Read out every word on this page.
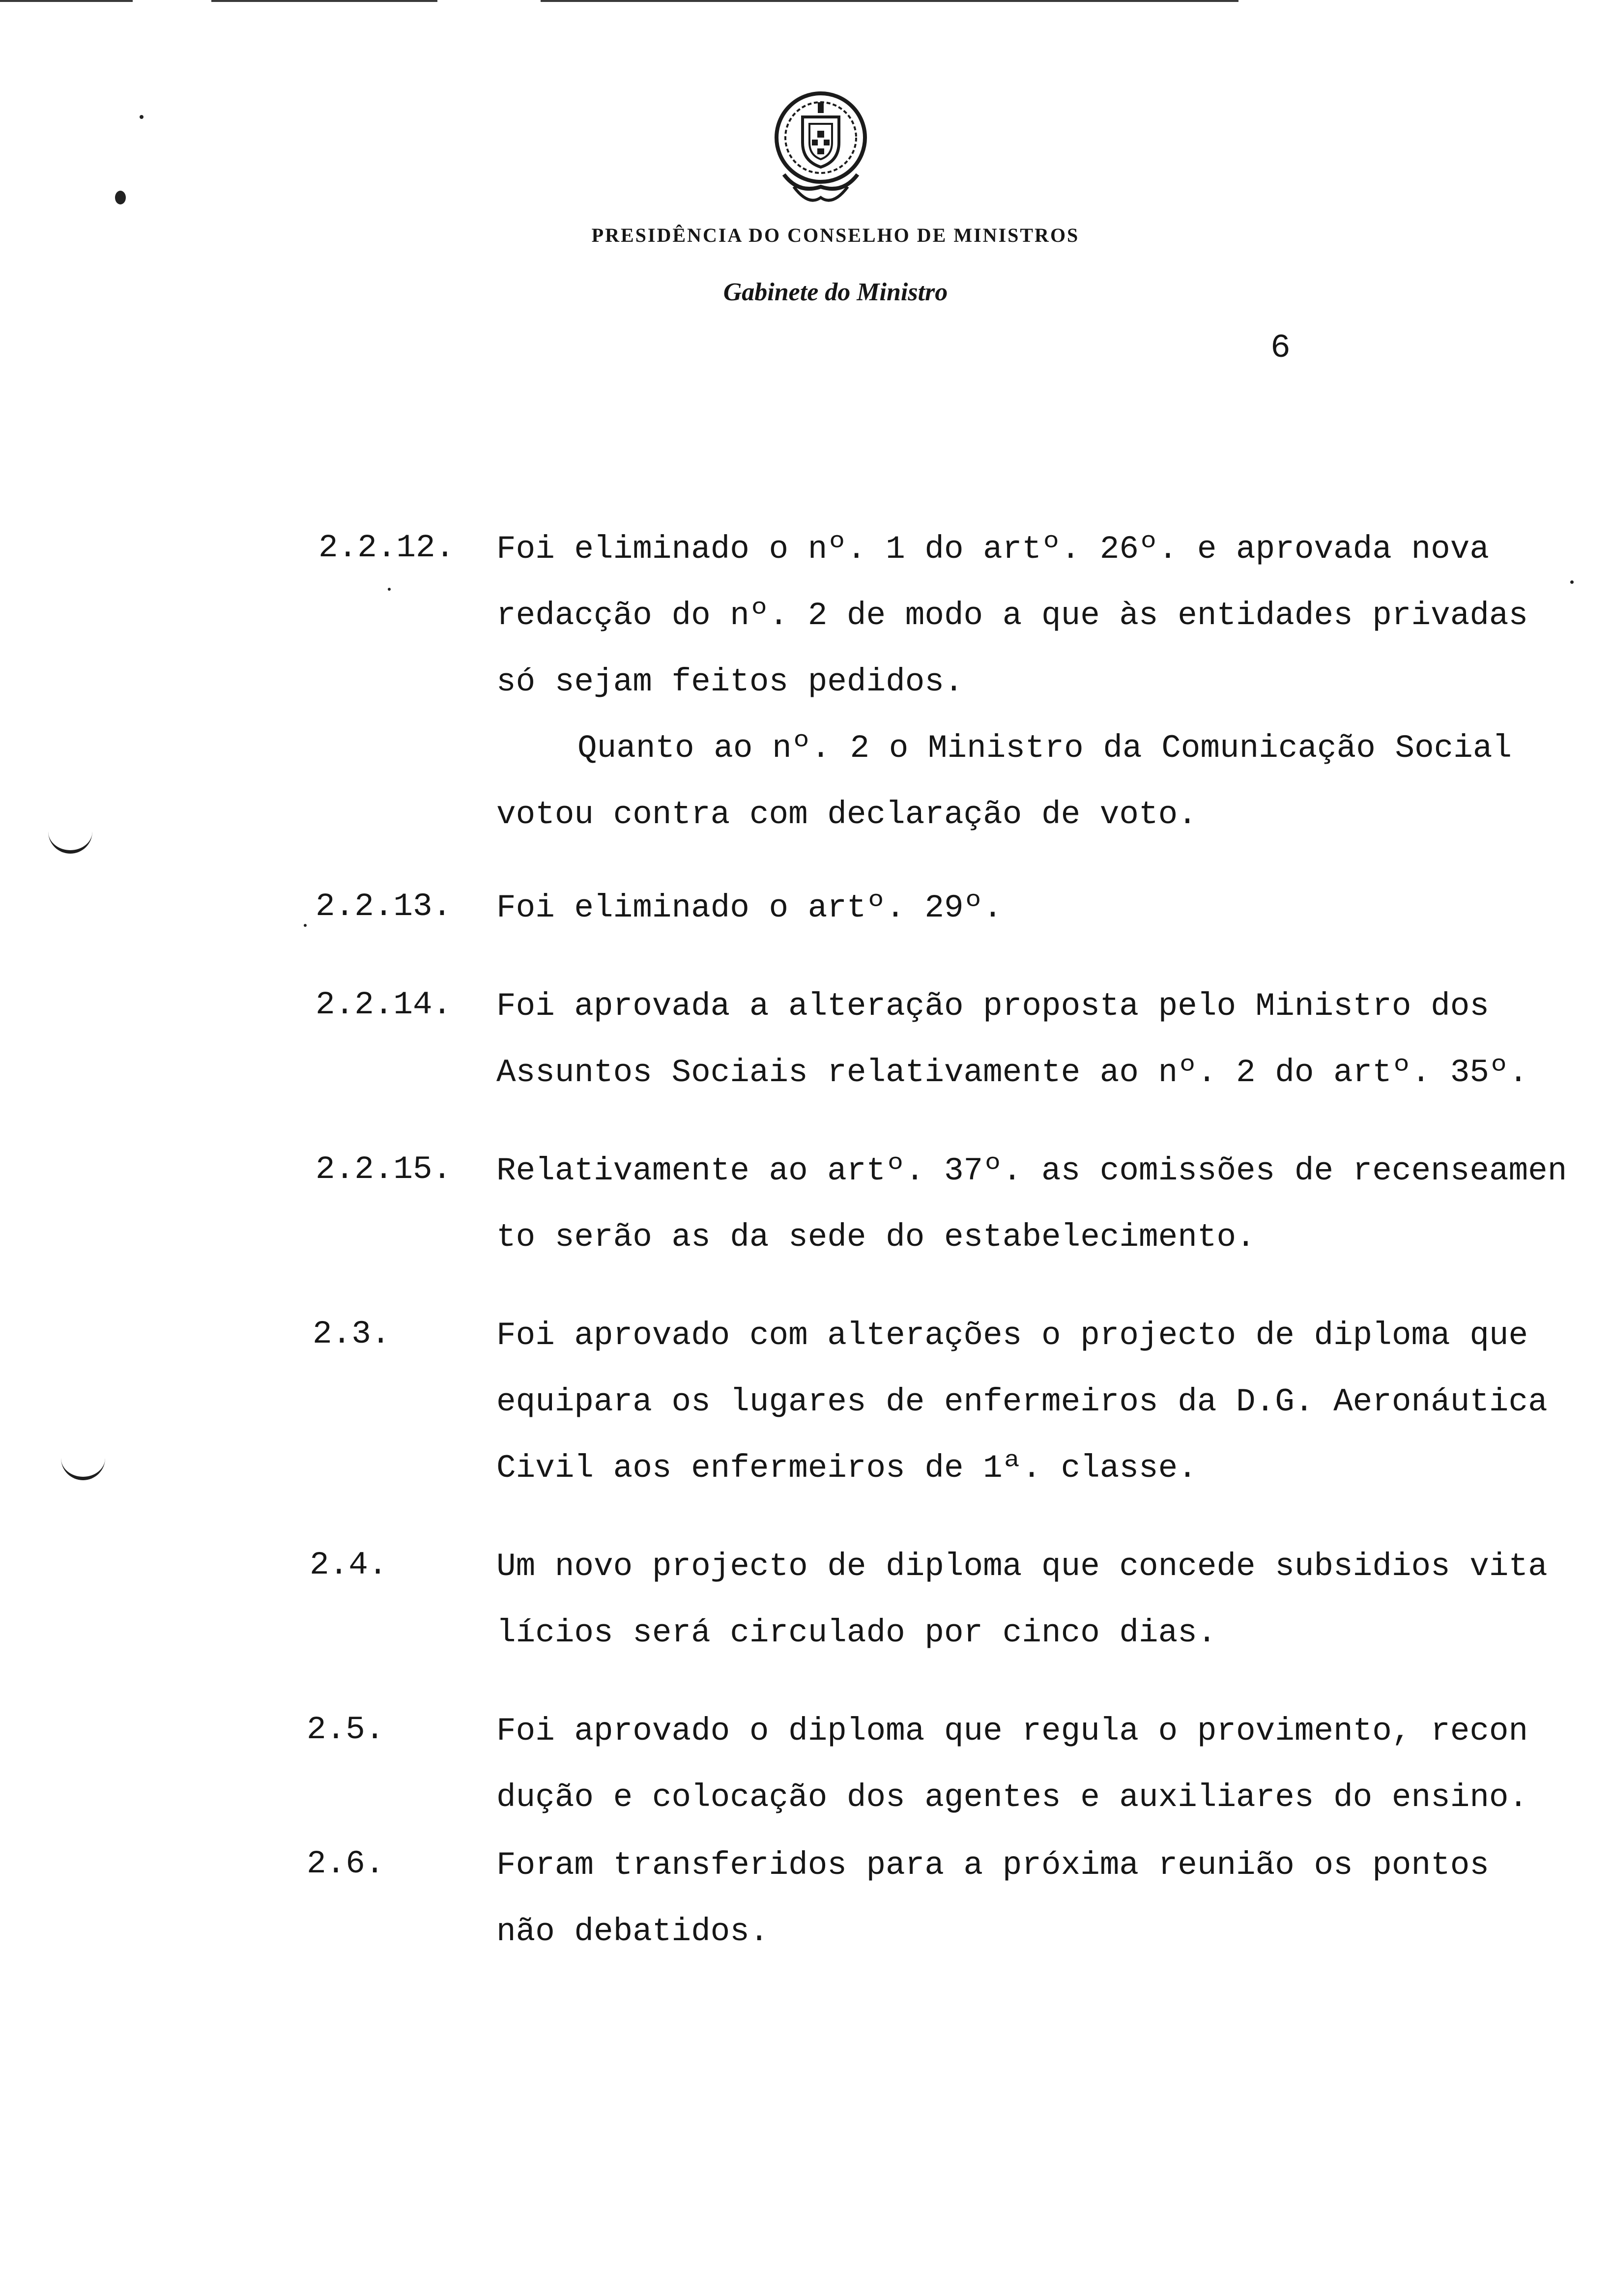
PRESIDÊNCIA DO CONSELHO DE MINISTROS
Gabinete do Ministro
6
2.2.12. Foi eliminado o nº. 1 do artº. 26º. e aprovada nova
redacção do nº. 2 de modo a que às entidades privadas
só sejam feitos pedidos.
Quanto ao nº. 2 o Ministro da Comunicação Social
votou contra com declaração de voto.
2.2.13. Foi eliminado o artº. 29º.
2.2.14. Foi aprovada a alteração proposta pelo Ministro dos
Assuntos Sociais relativamente ao nº. 2 do artº. 35º.
2.2.15. Relativamente ao artº. 37º. as comissões de recenseamen
to serão as da sede do estabelecimento.
2.3.	Foi aprovado com alterações o projecto de diploma que
equipara os lugares de enfermeiros da D.G. Aeronáutica
Civil aos enfermeiros de 1ª. classe.
2.4.	Um novo projecto de diploma que concede subsidios vita
lícios será circulado por cinco dias.
2.5.	Foi aprovado o diploma que regula o provimento, recon
dução e colocação dos agentes e auxiliares do ensino.
2.6.	Foram transferidos para a próxima reunião os pontos
não debatidos.
